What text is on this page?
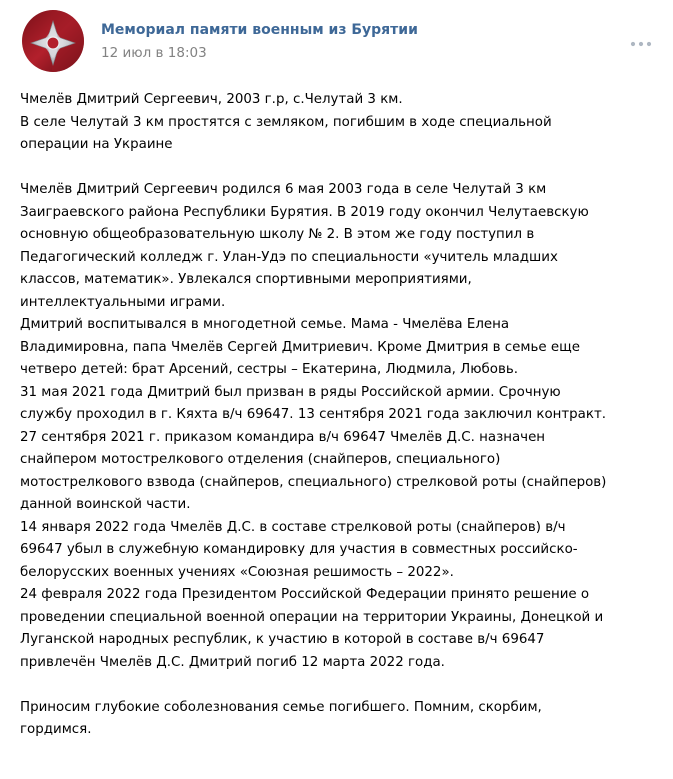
Мемориал памяти военным из Бурятии
12 июл в 18:03
Чмелёв Дмитрий Сергеевич, 2003 г.р, с.Челутай 3 км.
В селе Челутай 3 км простятся с земляком, погибшим в ходе специальной
операции на Украине
Чмелёв Дмитрий Сергеевич родился 6 мая 2003 года в селе Челутай 3 км
Заиграевского района Республики Бурятия. В 2019 году окончил Челутаевскую
основную общеобразовательную школу № 2. В этом же году поступил в
Педагогический колледж г. Улан-Удэ по специальности «учитель младших
классов, математик». Увлекался спортивными мероприятиями,
интеллектуальными играми.
Дмитрий воспитывался в многодетной семье. Мама - Чмелёва Елена
Владимировна, папа Чмелёв Сергей Дмитриевич. Кроме Дмитрия в семье еще
четверо детей: брат Арсений, сестры – Екатерина, Людмила, Любовь.
31 мая 2021 года Дмитрий был призван в ряды Российской армии. Срочную
службу проходил в г. Кяхта в/ч 69647. 13 сентября 2021 года заключил контракт.
27 сентября 2021 г. приказом командира в/ч 69647 Чмелёв Д.С. назначен
снайпером мотострелкового отделения (снайперов, специального)
мотострелкового взвода (снайперов, специального) стрелковой роты (снайперов)
данной воинской части.
14 января 2022 года Чмелёв Д.С. в составе стрелковой роты (снайперов) в/ч
69647 убыл в служебную командировку для участия в совместных российско-
белорусских военных учениях «Союзная решимость – 2022».
24 февраля 2022 года Президентом Российской Федерации принято решение о
проведении специальной военной операции на территории Украины, Донецкой и
Луганской народных республик, к участию в которой в составе в/ч 69647
привлечён Чмелёв Д.С. Дмитрий погиб 12 марта 2022 года.
Приносим глубокие соболезнования семье погибшего. Помним, скорбим,
гордимся.
